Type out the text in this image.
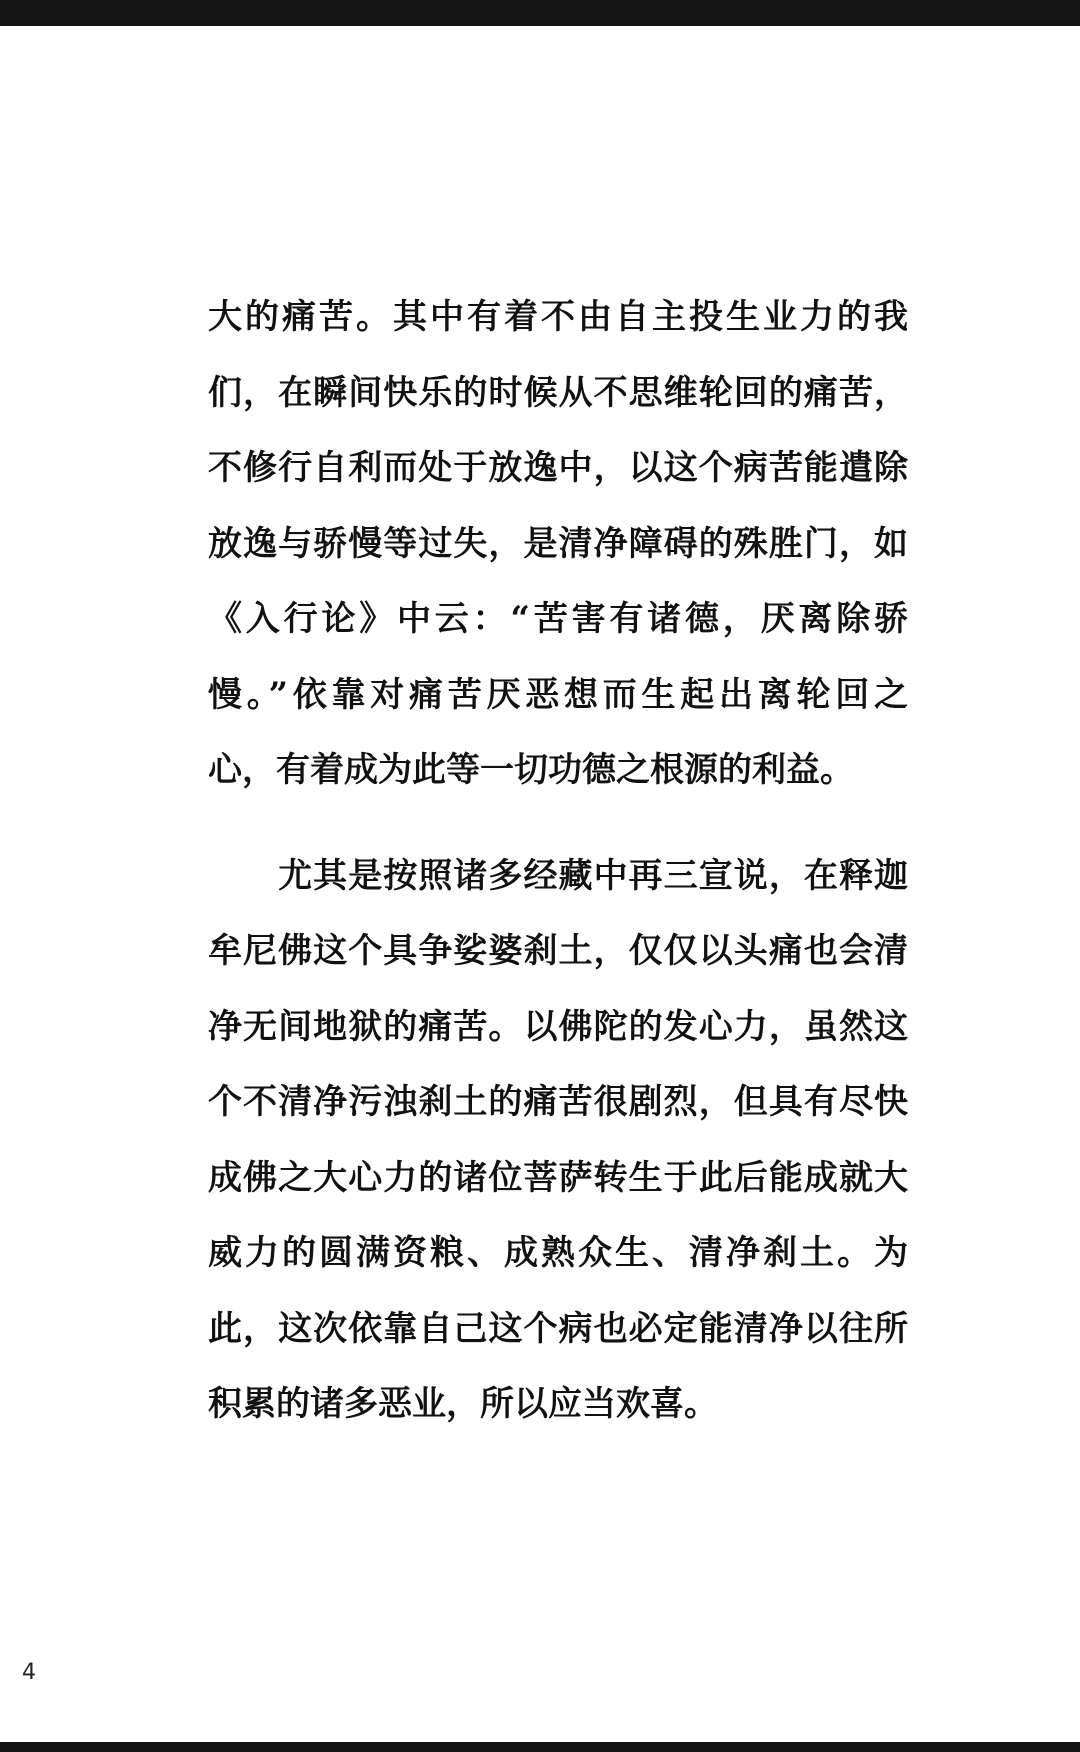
大的痛苦。其中有着不由自主投生业力的我
们，在瞬间快乐的时候从不思维轮回的痛苦，
不修行自利而处于放逸中，以这个病苦能遣除
放逸与骄慢等过失，是清净障碍的殊胜门，如
《入行论》中云：“苦害有诸德，厌离除骄
慢。”依靠对痛苦厌恶想而生起出离轮回之
心，有着成为此等一切功德之根源的利益。

　　尤其是按照诸多经藏中再三宣说，在释迦
牟尼佛这个具争娑婆刹土，仅仅以头痛也会清
净无间地狱的痛苦。以佛陀的发心力，虽然这
个不清净污浊刹土的痛苦很剧烈，但具有尽快
成佛之大心力的诸位菩萨转生于此后能成就大
威力的圆满资粮、成熟众生、清净刹土。为
此，这次依靠自己这个病也必定能清净以往所
积累的诸多恶业，所以应当欢喜。

4
